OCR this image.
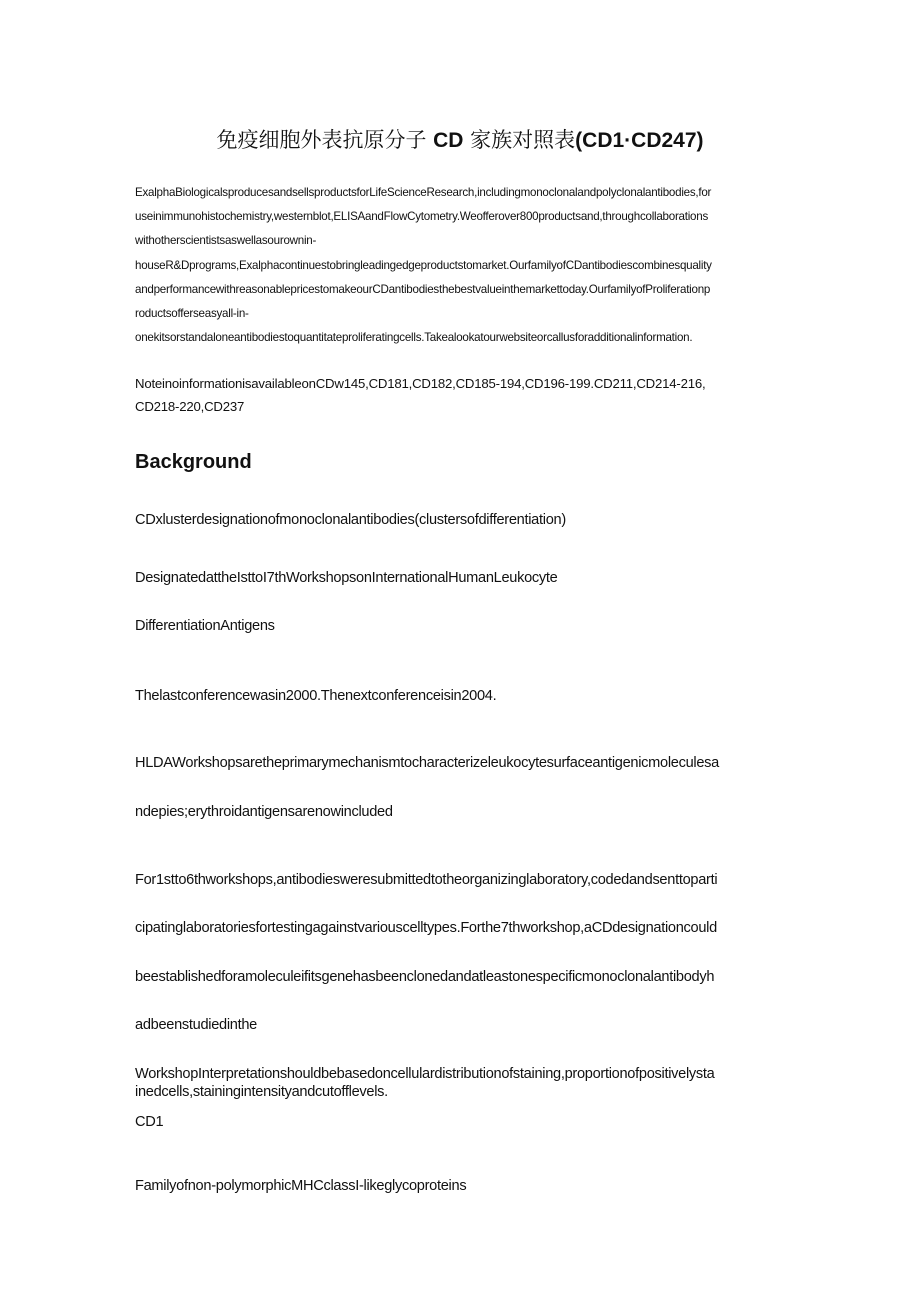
免疫细胞外表抗原分子 CD 家族对照表(CD1·CD247)
ExalphaBiologicalsproducesandsellsproductsforLifeScienceResearch,includingmonoclonalandpolyclonalantibodies,for
useinimmunohistochemistry,westernblot,ELISAandFlowCytometry.Weofferover800productsand,throughcollaborations
withotherscientistsaswellasourownin-
houseR&Dprograms,Exalphacontinuestobringleadingedgeproductstomarket.OurfamilyofCDantibodiescombinesquality
andperformancewithreasonablepricestomakeourCDantibodiesthebestvalueinthemarkettoday.OurfamilyofProliferationp
roductsofferseasyall-in-
onekitsorstandaloneantibodiestoquantitateproliferatingcells.Takealookatourwebsiteorcallusforadditionalinformation.
NoteinoinformationisavailableonCDw145,CD181,CD182,CD185-194,CD196-199.CD211,CD214-216,
CD218-220,CD237
Background
CDxlusterdesignationofmonoclonalantibodies(clustersofdifferentiation)
DesignatedattheIsttoI7thWorkshopsonInternationalHumanLeukocyte
DifferentiationAntigens
Thelastconferencewasin2000.Thenextconferenceisin2004.
HLDAWorkshopsaretheprimarymechanismtocharacterizeleukocytesurfaceantigenicmoleculesa
ndepies;erythroidantigensarenowincluded
For1stto6thworkshops,antibodiesweresubmittedtotheorganizinglaboratory,codedandsenttoparti
cipatinglaboratoriesfortestingagainstvariouscelltypes.Forthe7thworkshop,aCDdesignationcould
beestablishedforamoleculeifitsgenehasbeenclonedandatleastonespecificmonoclonalantibodyh
adbeenstudiedinthe
WorkshopInterpretationshouldbebasedoncellulardistributionofstaining,proportionofpositivelysta
inedcells,stainingintensityandcutofflevels.
CD1
Familyofnon-polymorphicMHCclassI-likeglycoproteins
